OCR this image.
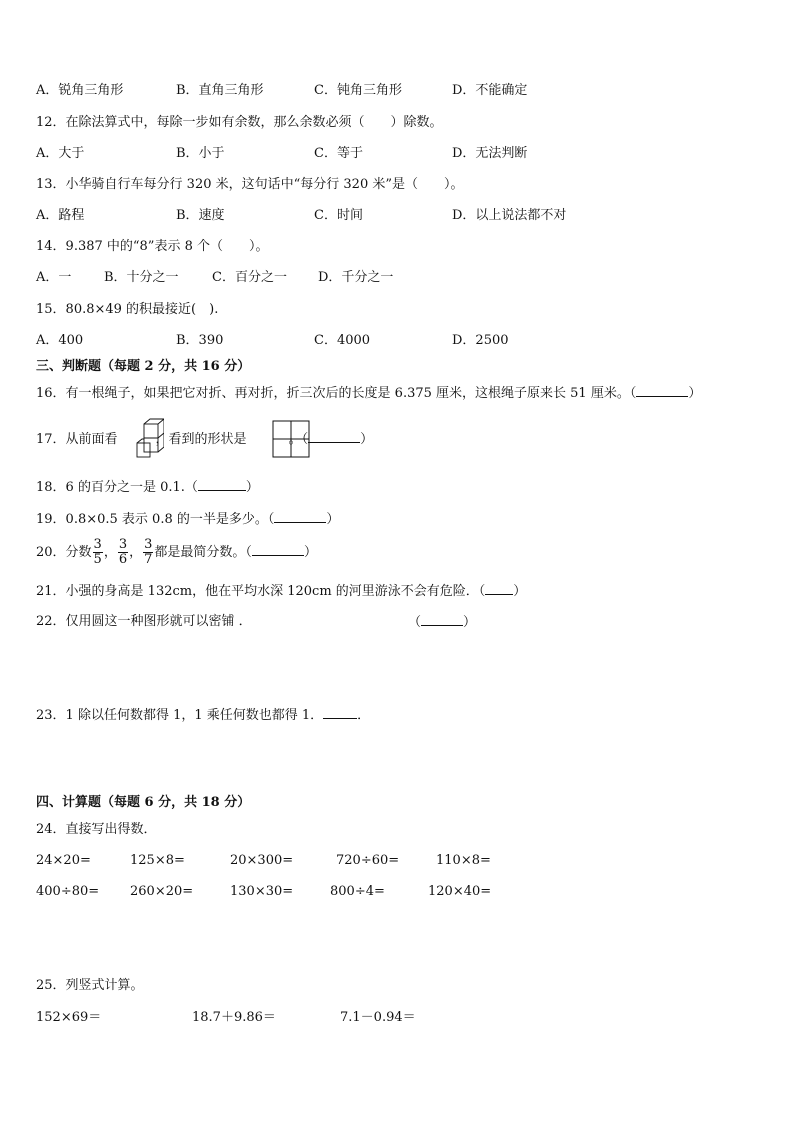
A．锐角三角形	B．直角三角形	C．钝角三角形	D．不能确定
12．在除法算式中，每除一步如有余数，那么余数必须（　　）除数。
A．大于	B．小于	C．等于	D．无法判断
13．小华骑自行车每分行 320 米，这句话中“每分行 320 米”是（　　）。
A．路程	B．速度	C．时间	D．以上说法都不对
14．9.387 中的“8”表示 8 个（　　）。
A．一	B．十分之一	C．百分之一 D．千分之一
15．80.8×49 的积最接近(　).
A．400	B．390	C．4000	D．2500
三、判断题（每题 2 分，共 16 分）
16．有一根绳子，如果把它对折、再对折，折三次后的长度是 6.375 厘米，这根绳子原来长 51 厘米。（	）
17．从前面看	，看到的形状是	。（	）
18．6 的百分之一是 0.1.（	）
19．0.8×0.5 表示 0.8 的一半是多少。（	）
20．分数 $\frac{3}{5}$ ， $\frac{3}{6}$ ， $\frac{3}{7}$ 都是最简分数。（	）
21．小强的身高是 132cm，他在平均水深 120cm 的河里游泳不会有危险．（ ）
22．仅用圆这一种图形就可以密铺 ．	（	）
23．1 除以任何数都得 1，1 乘任何数也都得 1．	．
四、计算题（每题 6 分，共 18 分）
24．直接写出得数．
24×20=	125×8=	20×300=	720÷60=	110×8=
400÷80= 260×20=	130×30=	800÷4=	120×40=
25．列竖式计算。
152×69＝	18.7＋9.86＝	7.1－0.94＝
